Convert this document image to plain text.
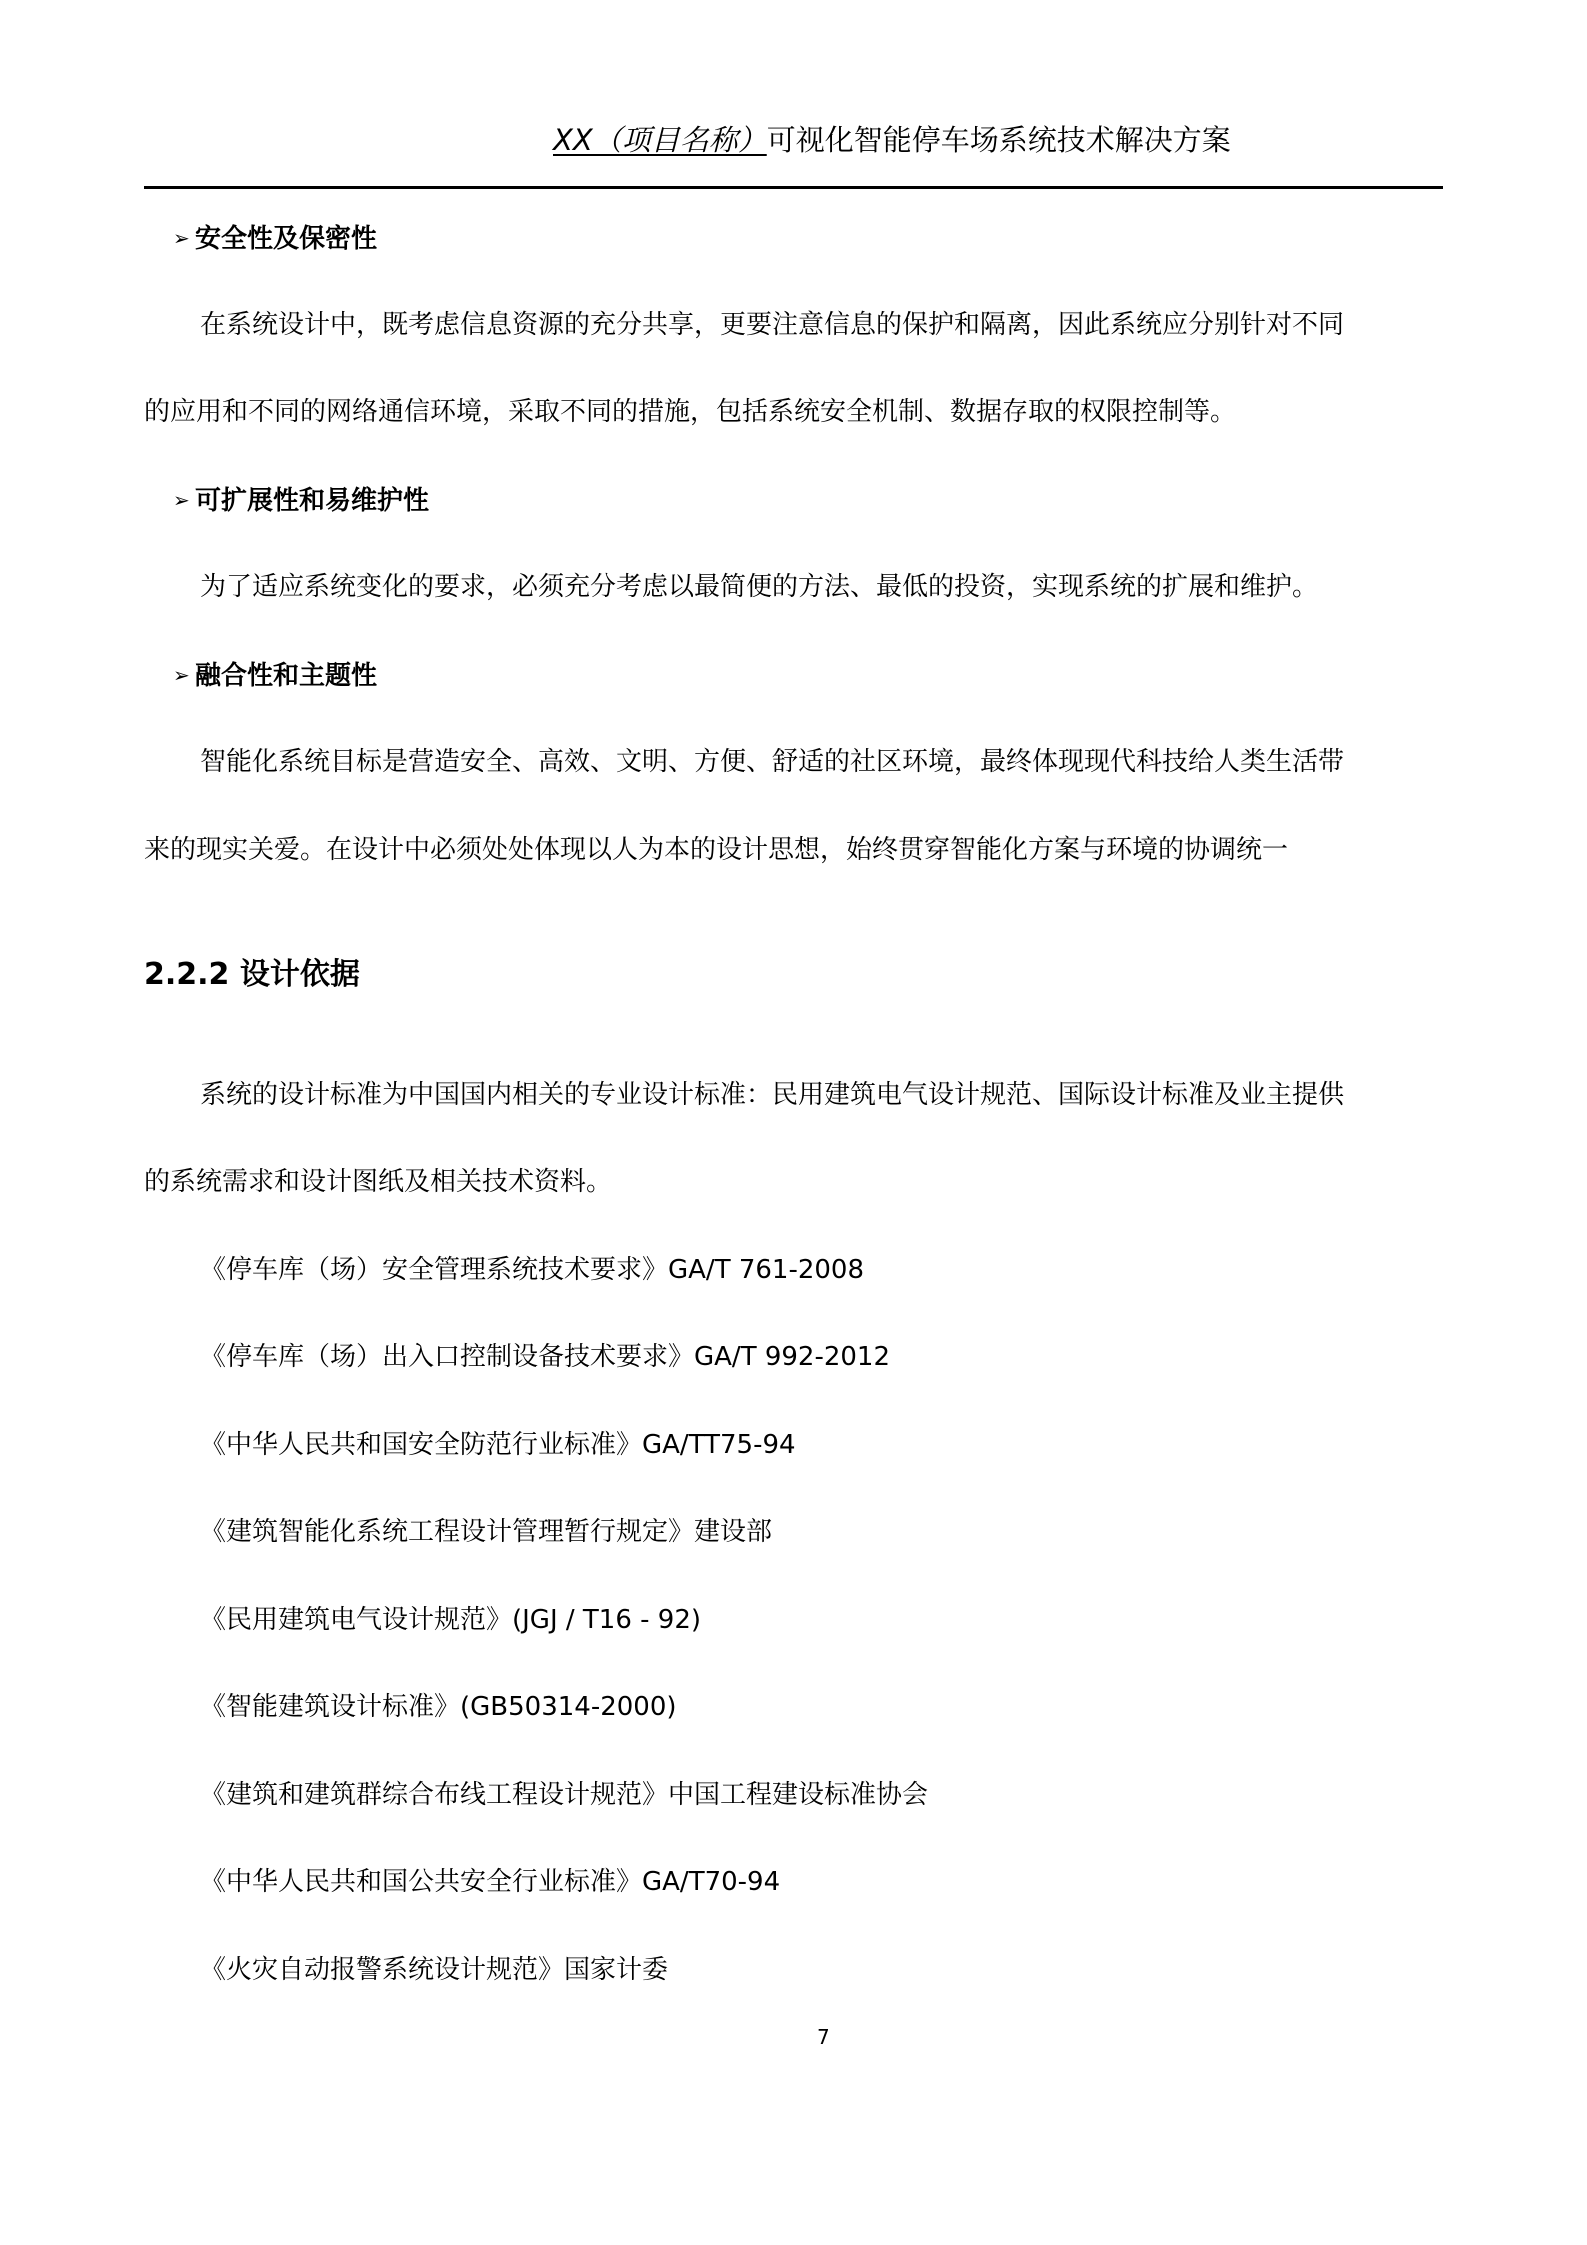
XX（项目名称）可视化智能停车场系统技术解决方案
➢ 安全性及保密性
在系统设计中，既考虑信息资源的充分共享，更要注意信息的保护和隔离，因此系统应分别针对不同
的应用和不同的网络通信环境，采取不同的措施，包括系统安全机制、数据存取的权限控制等。
➢ 可扩展性和易维护性
为了适应系统变化的要求，必须充分考虑以最简便的方法、最低的投资，实现系统的扩展和维护。
➢ 融合性和主题性
智能化系统目标是营造安全、高效、文明、方便、舒适的社区环境，最终体现现代科技给人类生活带
来的现实关爱。在设计中必须处处体现以人为本的设计思想，始终贯穿智能化方案与环境的协调统一
2.2.2 设计依据
系统的设计标准为中国国内相关的专业设计标准：民用建筑电气设计规范、国际设计标准及业主提供
的系统需求和设计图纸及相关技术资料。
《停车库（场）安全管理系统技术要求》GA/T 761-2008
《停车库（场）出入口控制设备技术要求》GA/T 992-2012
《中华人民共和国安全防范行业标准》GA/TT75-94
《建筑智能化系统工程设计管理暂行规定》建设部
《民用建筑电气设计规范》(JGJ / T16 - 92)
《智能建筑设计标准》(GB50314-2000)
《建筑和建筑群综合布线工程设计规范》中国工程建设标准协会
《中华人民共和国公共安全行业标准》GA/T70-94
《火灾自动报警系统设计规范》国家计委
7
